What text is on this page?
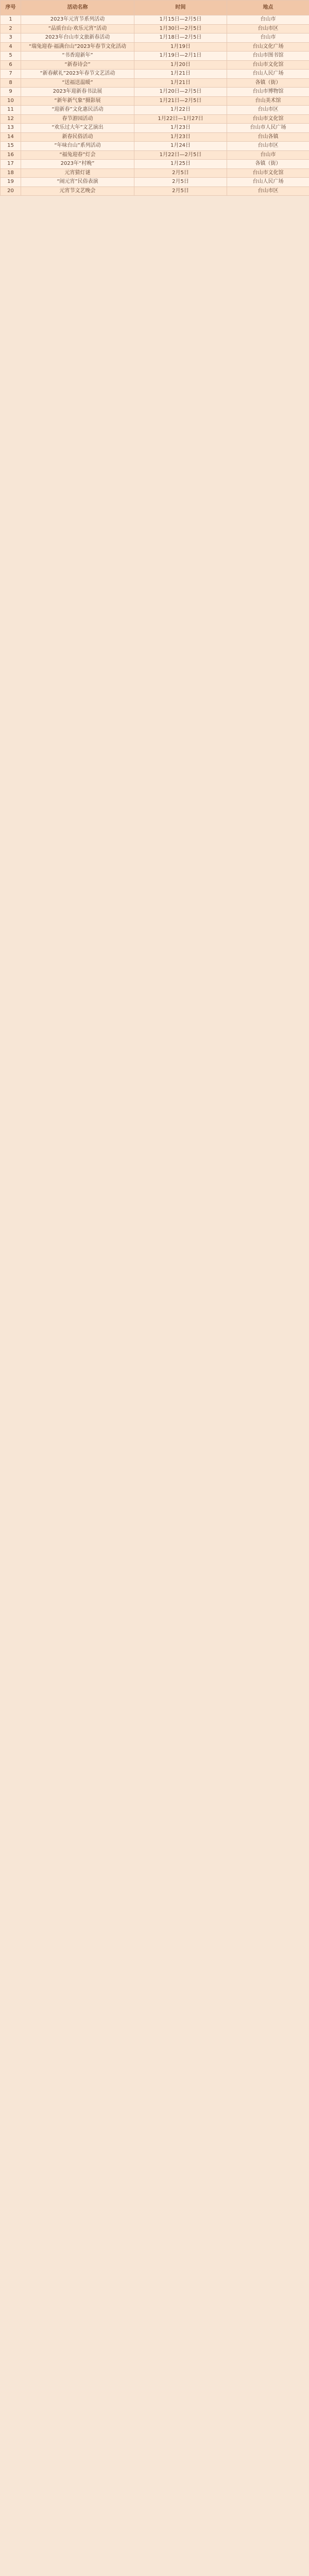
序号	活动名称	时间	地点
1	2023年元宵节系列活动	1月15日—2月5日	台山市
2	“品质台山·欢乐元宵”活动	1月30日—2月5日	台山市区
3	2023年台山市文旅新春活动	1月18日—2月5日	台山市
4	“瑞兔迎春·福满台山”2023年春节文化活动	1月19日	台山文化广场
5	“书香迎新年”	1月19日—2月1日	台山市图书馆
6	“新春诗会”	1月20日	台山市文化馆
7	“新春献礼”2023年春节文艺活动	1月21日	台山人民广场
8	“送福送温暖”	1月21日	各镇（街）
9	2023年迎新春书法展	1月20日—2月5日	台山市博物馆
10	“新年新气象”摄影展	1月21日—2月5日	台山美术馆
11	“迎新春”文化惠民活动	1月22日	台山市区
12	春节游园活动	1月22日—1月27日	台山市文化馆
13	“欢乐过大年”文艺演出	1月23日	台山市人民广场
14	新春民俗活动	1月23日	台山各镇
15	“年味台山”系列活动	1月24日	台山市区
16	“福兔迎春”灯会	1月22日—2月5日	台山市
17	2023年“村晚”	1月25日	各镇（街）
18	元宵猜灯谜	2月5日	台山市文化馆
19	“闹元宵”民俗表演	2月5日	台山人民广场
20	元宵节文艺晚会	2月5日	台山市区
